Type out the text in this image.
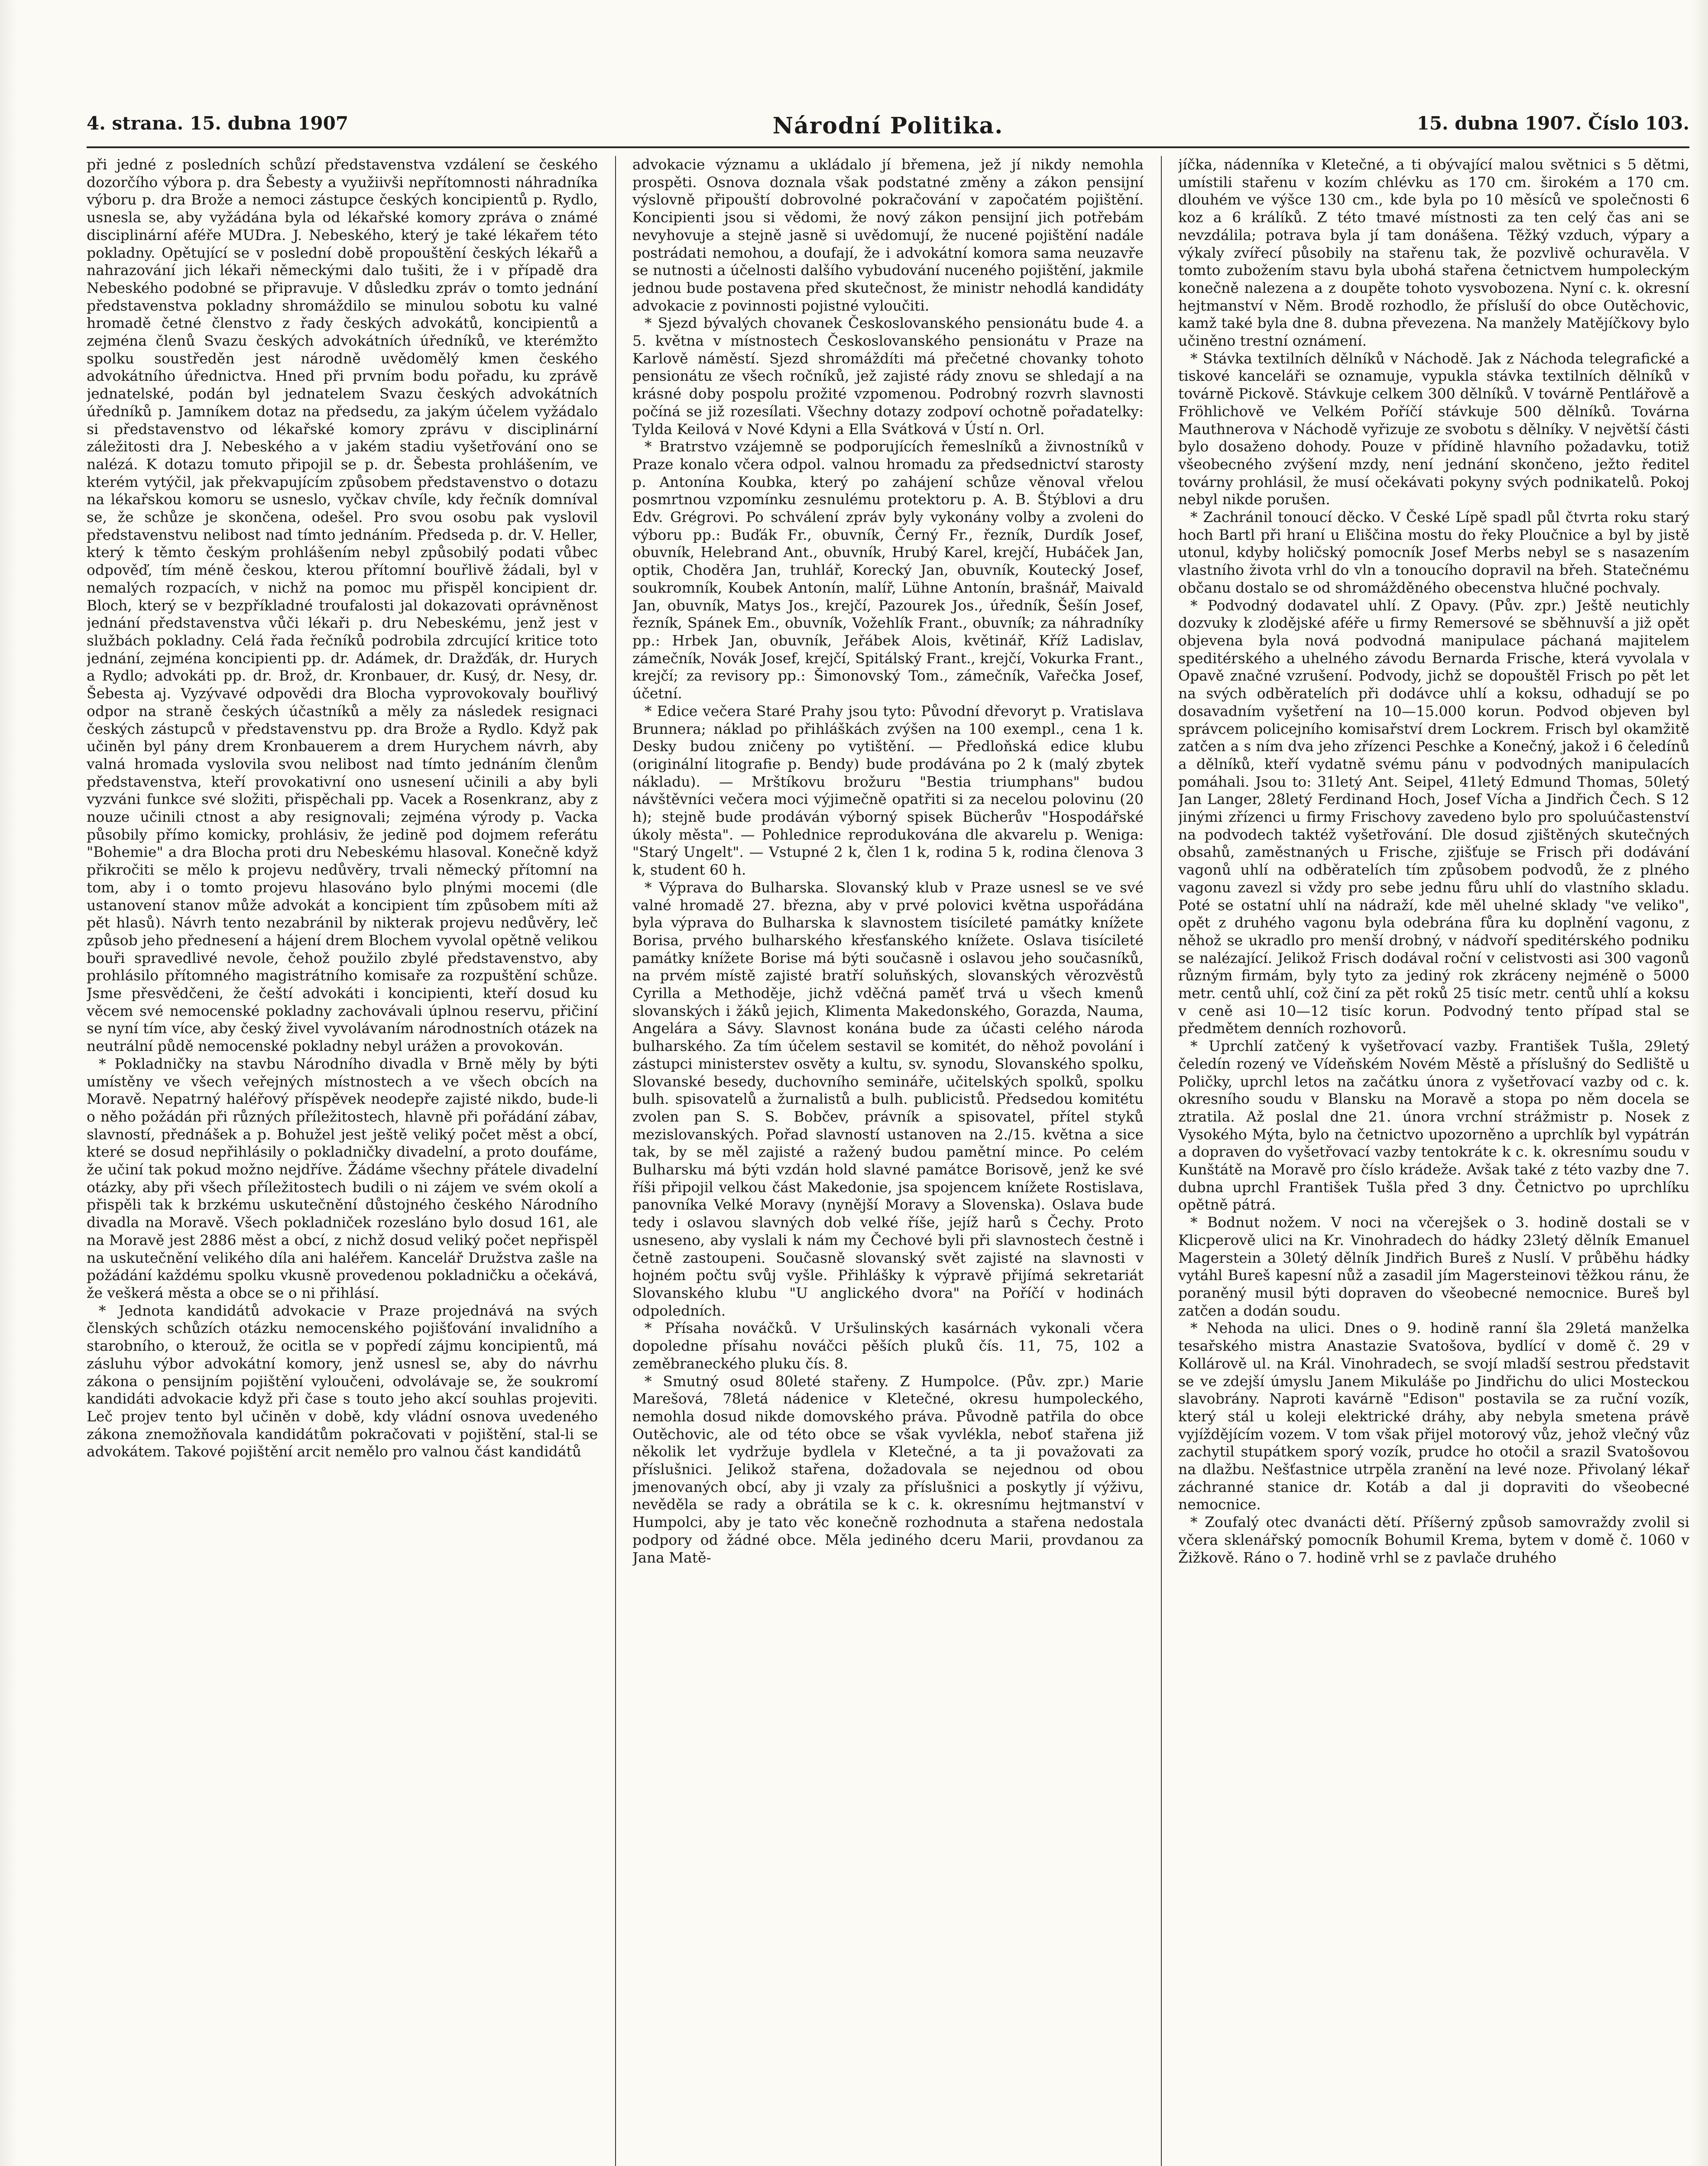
4. strana. 15. dubna 1907	Národní Politika.	15. dubna 1907. Číslo 103.

při jedné z posledních schůzí představenstva vzdálení se českého dozorčího výbora p. dra Šebesty a využiivši nepřítomnosti náhradníka výboru p. dra Brože a nemoci zástupce českých koncipientů p. Rydlo, usnesla se, aby vyžádána byla od lékařské komory zpráva o známé disciplinární aféře MUDra. J. Nebeského, který je také lékařem této pokladny. Opětující se v poslední době propouštění českých lékařů a nahrazování jich lékaři německými dalo tušiti, že i v případě dra Nebeského podobné se připravuje. V důsledku zpráv o tomto jednání představenstva pokladny shromáždilo se minulou sobotu ku valné hromadě četné členstvo z řady českých advokátů, koncipientů a zejména členů Svazu českých advokátních úředníků, ve kterémžto spolku soustředěn jest národně uvědomělý kmen českého advokátního úřednictva. Hned při prvním bodu pořadu, ku zprávě jednatelské, podán byl jednatelem Svazu českých advokátních úředníků p. Jamníkem dotaz na předsedu, za jakým účelem vyžádalo si představenstvo od lékařské komory zprávu v disciplinární záležitosti dra J. Nebeského a v jakém stadiu vyšetřování ono se nalézá. K dotazu tomuto připojil se p. dr. Šebesta prohlášením, ve kterém vytýčil, jak překvapujícím způsobem představenstvo o dotazu na lékařskou komoru se usneslo, vyčkav chvíle, kdy řečník domníval se, že schůze je skončena, odešel. Pro svou osobu pak vyslovil představenstvu nelibost nad tímto jednáním. Předseda p. dr. V. Heller, který k těmto českým prohlášením nebyl způsobilý podati vůbec odpověď, tím méně českou, kterou přítomní bouřlivě žádali, byl v nemalých rozpacích, v nichž na pomoc mu přispěl koncipient dr. Bloch, který se v bezpříkladné troufalosti jal dokazovati oprávněnost jednání představenstva vůči lékaři p. dru Nebeskému, jenž jest v službách pokladny. Celá řada řečníků podrobila zdrcující kritice toto jednání, zejména koncipienti pp. dr. Adámek, dr. Dražďák, dr. Hurych a Rydlo; advokáti pp. dr. Brož, dr. Kronbauer, dr. Kusý, dr. Nesy, dr. Šebesta aj. Vyzývavé odpovědi dra Blocha vyprovokovaly bouřlivý odpor na straně českých účastníků a měly za následek resignaci českých zástupců v představenstvu pp. dra Brože a Rydlo. Když pak učiněn byl pány drem Kronbauerem a drem Hurychem návrh, aby valná hromada vyslovila svou nelibost nad tímto jednáním členům představenstva, kteří provokativní ono usnesení učinili a aby byli vyzváni funkce své složiti, přispěchali pp. Vacek a Rosenkranz, aby z nouze učinili ctnost a aby resignovali; zejména výrody p. Vacka působily přímo komicky, prohlásiv, že jedině pod dojmem referátu "Bohemie" a dra Blocha proti dru Nebeskému hlasoval. Konečně když přikročiti se mělo k projevu nedůvěry, trvali německý přítomní na tom, aby i o tomto projevu hlasováno bylo plnými mocemi (dle ustanovení stanov může advokát a koncipient tím způsobem míti až pět hlasů). Návrh tento nezabránil by nikterak projevu nedůvěry, leč způsob jeho přednesení a hájení drem Blochem vyvolal opětně velikou bouři spravedlivé nevole, čehož použilo zbylé představenstvo, aby prohlásilo přítomného magistrátního komisaře za rozpuštění schůze. Jsme přesvědčeni, že čeští advokáti i koncipienti, kteří dosud ku věcem své nemocenské pokladny zachovávali úplnou reservu, přičiní se nyní tím více, aby český živel vyvolávaním národnostních otázek na neutrální půdě nemocenské pokladny nebyl urážen a provokován.

* Pokladničky na stavbu Národního divadla v Brně měly by býti umístěny ve všech veřejných místnostech a ve všech obcích na Moravě. Nepatrný haléřový příspěvek neodepře zajisté nikdo, bude-li o něho požádán při různých příležitostech, hlavně při pořádání zábav, slavností, přednášek a p. Bohužel jest ještě veliký počet měst a obcí, které se dosud nepřihlásily o pokladničky divadelní, a proto doufáme, že učiní tak pokud možno nejdříve. Žádáme všechny přátele divadelní otázky, aby při všech příležitostech budili o ni zájem ve svém okolí a přispěli tak k brzkému uskutečnění důstojného českého Národního divadla na Moravě. Všech pokladniček rozesláno bylo dosud 161, ale na Moravě jest 2886 měst a obcí, z nichž dosud veliký počet nepřispěl na uskutečnění velikého díla ani haléřem. Kancelář Družstva zašle na požádání každému spolku vkusně provedenou pokladničku a očekává, že veškerá města a obce se o ni přihlásí.

* Jednota kandidátů advokacie v Praze projednává na svých členských schůzích otázku nemocenského pojišťování invalidního a starobního, o kterouž, že ocitla se v popředí zájmu koncipientů, má zásluhu výbor advokátní komory, jenž usnesl se, aby do návrhu zákona o pensijním pojištění vyloučeni, odvolávaje se, že soukromí kandidáti advokacie když při čase s touto jeho akcí souhlas projeviti. Leč projev tento byl učiněn v době, kdy vládní osnova uvedeného zákona znemožňovala kandidátům pokračovati v pojištění, stal-li se advokátem. Takové pojištění arcit nemělo pro valnou část kandidátů

advokacie významu a ukládalo jí břemena, jež jí nikdy nemohla prospěti. Osnova doznala však podstatné změny a zákon pensijní výslovně připouští dobrovolné pokračování v započatém pojištění. Koncipienti jsou si vědomi, že nový zákon pensijní jich potřebám nevyhovuje a stejně jasně si uvědomují, že nucené pojištění nadále postrádati nemohou, a doufají, že i advokátní komora sama neuzavře se nutnosti a účelnosti dalšího vybudování nuceného pojištění, jakmile jednou bude postavena před skutečnost, že ministr nehodlá kandidáty advokacie z povinnosti pojistné vyloučiti.

* Sjezd bývalých chovanek Českoslovanského pensionátu bude 4. a 5. května v místnostech Českoslovanského pensionátu v Praze na Karlově náměstí. Sjezd shromáždíti má přečetné chovanky tohoto pensionátu ze všech ročníků, jež zajisté rády znovu se shledají a na krásné doby pospolu prožité vzpomenou. Podrobný rozvrh slavnosti počíná se již rozesílati. Všechny dotazy zodpoví ochotně pořadatelky: Tylda Keilová v Nové Kdyni a Ella Svátková v Ústí n. Orl.

* Bratrstvo vzájemně se podporujících řemeslníků a živnostníků v Praze konalo včera odpol. valnou hromadu za předsednictví starosty p. Antonína Koubka, který po zahájení schůze věnoval vřelou posmrtnou vzpomínku zesnulému protektoru p. A. B. Štýblovi a dru Edv. Grégrovi. Po schválení zpráv byly vykonány volby a zvoleni do výboru pp.: Buďák Fr., obuvník, Černý Fr., řezník, Durdík Josef, obuvník, Helebrand Ant., obuvník, Hrubý Karel, krejčí, Hubáček Jan, optik, Choděra Jan, truhlář, Korecký Jan, obuvník, Koutecký Josef, soukromník, Koubek Antonín, malíř, Lühne Antonín, brašnář, Maivald Jan, obuvník, Matys Jos., krejčí, Pazourek Jos., úředník, Šešín Josef, řezník, Spánek Em., obuvník, Vožehlík Frant., obuvník; za náhradníky pp.: Hrbek Jan, obuvník, Jeřábek Alois, květinář, Kříž Ladislav, zámečník, Novák Josef, krejčí, Spitálský Frant., krejčí, Vokurka Frant., krejčí; za revisory pp.: Šimonovský Tom., zámečník, Vařečka Josef, účetní.

* Edice večera Staré Prahy jsou tyto: Původní dřevoryt p. Vratislava Brunnera; náklad po přihláškách zvýšen na 100 exempl., cena 1 k. Desky budou zničeny po vytištění. — Předloňská edice klubu (originální litografie p. Bendy) bude prodávána po 2 k (malý zbytek nákladu). — Mrštíkovu brožuru "Bestia triumphans" budou návštěvníci večera moci výjimečně opatřiti si za necelou polovinu (20 h); stejně bude prodáván výborný spisek Bücherův "Hospodářské úkoly města". — Pohlednice reprodukována dle akvarelu p. Weniga: "Starý Ungelt". — Vstupné 2 k, člen 1 k, rodina 5 k, rodina členova 3 k, student 60 h.

* Výprava do Bulharska. Slovanský klub v Praze usnesl se ve své valné hromadě 27. března, aby v prvé polovici května uspořádána byla výprava do Bulharska k slavnostem tisícileté památky knížete Borisa, prvého bulharského křesťanského knížete. Oslava tisícileté památky knížete Borise má býti současně i oslavou jeho současníků, na prvém místě zajisté bratří soluňských, slovanských věrozvěstů Cyrilla a Methoděje, jichž vděčná paměť trvá u všech kmenů slovanských i žáků jejich, Klimenta Makedonského, Gorazda, Nauma, Angelára a Sávy. Slavnost konána bude za účasti celého národa bulharského. Za tím účelem sestavil se komitét, do něhož povolání i zástupci ministerstev osvěty a kultu, sv. synodu, Slovanského spolku, Slovanské besedy, duchovního semináře, učitelských spolků, spolku bulh. spisovatelů a žurnalistů a bulh. publicistů. Předsedou komitétu zvolen pan S. S. Bobčev, právník a spisovatel, přítel styků mezislovanských. Pořad slavností ustanoven na 2./15. května a sice tak, by se měl zajisté a ražený budou pamětní mince. Po celém Bulharsku má býti vzdán hold slavné památce Borisově, jenž ke své říši připojil velkou část Makedonie, jsa spojencem knížete Rostislava, panovníka Velké Moravy (nynější Moravy a Slovenska). Oslava bude tedy i oslavou slavných dob velké říše, jejíž harů s Čechy. Proto usneseno, aby vyslali k nám my Čechové byli při slavnostech čestně i četně zastoupeni. Současně slovanský svět zajisté na slavnosti v hojném počtu svůj vyšle. Přihlášky k výpravě přijímá sekretariát Slovanského klubu "U anglického dvora" na Poříčí v hodinách odpoledních.

* Přísaha nováčků. V Uršulinských kasárnách vykonali včera dopoledne přísahu nováčci pěších pluků čís. 11, 75, 102 a zeměbraneckého pluku čís. 8.

* Smutný osud 80leté stařeny. Z Humpolce. (Pův. zpr.) Marie Marešová, 78letá nádenice v Kletečné, okresu humpoleckého, nemohla dosud nikde domovského práva. Původně patřila do obce Outěchovic, ale od této obce se však vyvlékla, neboť stařena již několik let vydržuje bydlela v Kletečné, a ta ji považovati za příslušnici. Jelikož stařena, dožadovala se nejednou od obou jmenovaných obcí, aby ji vzaly za příslušnici a poskytly jí výživu, nevěděla se rady a obrátila se k c. k. okresnímu hejtmanství v Humpolci, aby je tato věc konečně rozhodnuta a stařena nedostala podpory od žádné obce. Měla jediného dceru Marii, provdanou za Jana Matě-

jíčka, nádenníka v Kletečné, a ti obývající malou světnici s 5 dětmi, umístili stařenu v kozím chlévku as 170 cm. širokém a 170 cm. dlouhém ve výšce 130 cm., kde byla po 10 měsíců ve společnosti 6 koz a 6 králíků. Z této tmavé místnosti za ten celý čas ani se nevzdálila; potrava byla jí tam donášena. Těžký vzduch, výpary a výkaly zvířecí působily na stařenu tak, že pozvlivě ochuravěla. V tomto zubožením stavu byla ubohá stařena četnictvem humpoleckým konečně nalezena a z doupěte tohoto vysvobozena. Nyní c. k. okresní hejtmanství v Něm. Brodě rozhodlo, že přísluší do obce Outěchovic, kamž také byla dne 8. dubna převezena. Na manžely Matějíčkovy bylo učiněno trestní oznámení.

* Stávka textilních dělníků v Náchodě. Jak z Náchoda telegrafické a tiskové kanceláři se oznamuje, vypukla stávka textilních dělníků v továrně Pickově. Stávkuje celkem 300 dělníků. V továrně Pentlářově a Fröhlichově ve Velkém Poříčí stávkuje 500 dělníků. Továrna Mauthnerova v Náchodě vyřizuje ze svobotu s dělníky. V největší části bylo dosaženo dohody. Pouze v přídině hlavního požadavku, totiž všeobecného zvýšení mzdy, není jednání skončeno, ježto ředitel továrny prohlásil, že musí očekávati pokyny svých podnikatelů. Pokoj nebyl nikde porušen.

* Zachránil tonoucí děcko. V České Lípě spadl půl čtvrta roku starý hoch Bartl při hraní u Eliščina mostu do řeky Ploučnice a byl by jistě utonul, kdyby holičský pomocník Josef Merbs nebyl se s nasazením vlastního života vrhl do vln a tonoucího dopravil na břeh. Statečnému občanu dostalo se od shromážděného obecenstva hlučné pochvaly.

* Podvodný dodavatel uhlí. Z Opavy. (Pův. zpr.) Ještě neutichly dozvuky k zlodějské aféře u firmy Remersové se sběhnuvší a již opět objevena byla nová podvodná manipulace páchaná majitelem speditérského a uhelného závodu Bernarda Frische, která vyvolala v Opavě značné vzrušení. Podvody, jichž se dopouštěl Frisch po pět let na svých odběratelích při dodávce uhlí a koksu, odhadují se po dosavadním vyšetření na 10—15.000 korun. Podvod objeven byl správcem policejního komisařství drem Lockrem. Frisch byl okamžitě zatčen a s ním dva jeho zřízenci Peschke a Konečný, jakož i 6 čeledínů a dělníků, kteří vydatně svému pánu v podvodných manipulacích pomáhali. Jsou to: 31letý Ant. Seipel, 41letý Edmund Thomas, 50letý Jan Langer, 28letý Ferdinand Hoch, Josef Vícha a Jindřich Čech. S 12 jinými zřízenci u firmy Frischovy zavedeno bylo pro spoluúčastenství na podvodech taktéž vyšetřování. Dle dosud zjištěných skutečných obsahů, zaměstnaných u Frische, zjišťuje se Frisch při dodávání vagonů uhlí na odběratelích tím způsobem podvodů, že z plného vagonu zavezl si vždy pro sebe jednu fůru uhlí do vlastního skladu. Poté se ostatní uhlí na nádraží, kde měl uhelné sklady "ve veliko", opět z druhého vagonu byla odebrána fůra ku doplnění vagonu, z něhož se ukradlo pro menší drobný, v nádvoří speditérského podniku se nalézající. Jelikož Frisch dodával roční v celistvosti asi 300 vagonů různým firmám, byly tyto za jediný rok zkráceny nejméně o 5000 metr. centů uhlí, což činí za pět roků 25 tisíc metr. centů uhlí a koksu v ceně asi 10—12 tisíc korun. Podvodný tento případ stal se předmětem denních rozhovorů.

* Uprchlí zatčený k vyšetřovací vazby. František Tušla, 29letý čeledín rozený ve Vídeňském Novém Městě a příslušný do Sedliště u Poličky, uprchl letos na začátku února z vyšetřovací vazby od c. k. okresního soudu v Blansku na Moravě a stopa po něm docela se ztratila. Až poslal dne 21. února vrchní strážmistr p. Nosek z Vysokého Mýta, bylo na četnictvo upozorněno a uprchlík byl vypátrán a dopraven do vyšetřovací vazby tentokráte k c. k. okresnímu soudu v Kunštátě na Moravě pro číslo krádeže. Avšak také z této vazby dne 7. dubna uprchl František Tušla před 3 dny. Četnictvo po uprchlíku opětně pátrá.

* Bodnut nožem. V noci na včerejšek o 3. hodině dostali se v Klicperově ulici na Kr. Vinohradech do hádky 23letý dělník Emanuel Magerstein a 30letý dělník Jindřich Bureš z Nuslí. V průběhu hádky vytáhl Bureš kapesní nůž a zasadil jím Magersteinovi těžkou ránu, že poraněný musil býti dopraven do všeobecné nemocnice. Bureš byl zatčen a dodán soudu.

* Nehoda na ulici. Dnes o 9. hodině ranní šla 29letá manželka tesařského mistra Anastazie Svatošova, bydlící v domě č. 29 v Kollárově ul. na Král. Vinohradech, se svojí mladší sestrou představit se ve zdejší úmyslu Janem Mikuláše po Jindřichu do ulici Mosteckou slavobrány. Naproti kavárně "Edison" postavila se za ruční vozík, který stál u koleji elektrické dráhy, aby nebyla smetena právě vyjíždějícím vozem. V tom však přijel motorový vůz, jehož vlečný vůz zachytil stupátkem sporý vozík, prudce ho otočil a srazil Svatošovou na dlažbu. Nešťastnice utrpěla zranění na levé noze. Přivolaný lékař záchranné stanice dr. Kotáb a dal ji dopraviti do všeobecné nemocnice.

* Zoufalý otec dvanácti dětí. Příšerný způsob samovraždy zvolil si včera sklenářský pomocník Bohumil Krema, bytem v domě č. 1060 v Žižkově. Ráno o 7. hodině vrhl se z pavlače druhého
